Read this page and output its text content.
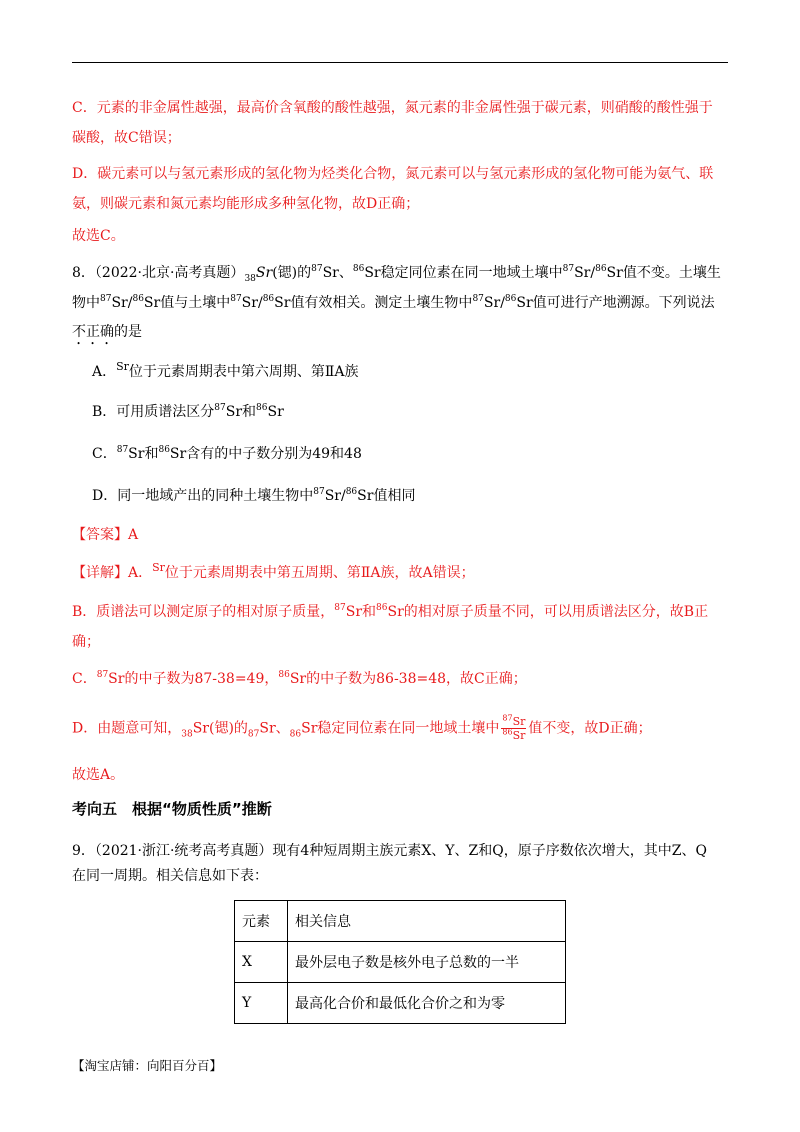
C．元素的非金属性越强，最高价含氧酸的酸性越强，氮元素的非金属性强于碳元素，则硝酸的酸性强于
碳酸，故C错误；
D．碳元素可以与氢元素形成的氢化物为烃类化合物，氮元素可以与氢元素形成的氢化物可能为氨气、联
氨，则碳元素和氮元素均能形成多种氢化物，故D正确；
故选C。
8．（2022·北京·高考真题）$_{38}Sr$(锶)的$^{87}$Sr、$^{86}$Sr稳定同位素在同一地域土壤中$^{87}$Sr/$^{86}$Sr值不变。土壤生
物中$^{87}$Sr/$^{86}$Sr值与土壤中$^{87}$Sr/$^{86}$Sr值有效相关。测定土壤生物中$^{87}$Sr/$^{86}$Sr值可进行产地溯源。下列说法
不正确的是
A．$^{Sr}$位于元素周期表中第六周期、第ⅡA族
B．可用质谱法区分$^{87}$Sr和$^{86}$Sr
C．$^{87}$Sr和$^{86}$Sr含有的中子数分别为49和48
D．同一地域产出的同种土壤生物中$^{87}$Sr/$^{86}$Sr值相同
【答案】A
【详解】A．$^{Sr}$位于元素周期表中第五周期、第ⅡA族，故A错误；
B．质谱法可以测定原子的相对原子质量，$^{87}$Sr和$^{86}$Sr的相对原子质量不同，可以用质谱法区分，故B正
确；
C．$^{87}$Sr的中子数为87-38=49，$^{86}$Sr的中子数为86-38=48，故C正确；
D．由题意可知，$_{38}$Sr(锶)的$_{87}$Sr、$_{86}$Sr稳定同位素在同一地域土壤中 $\frac{^{87}Sr}{^{86}Sr}$ 值不变，故D正确；
故选A。
考向五　根据“物质性质”推断
9．（2021·浙江·统考高考真题）现有4种短周期主族元素X、Y、Z和Q，原子序数依次增大，其中Z、Q
在同一周期。相关信息如下表：
元素	相关信息
X	最外层电子数是核外电子总数的一半
Y	最高化合价和最低化合价之和为零
【淘宝店铺：向阳百分百】
